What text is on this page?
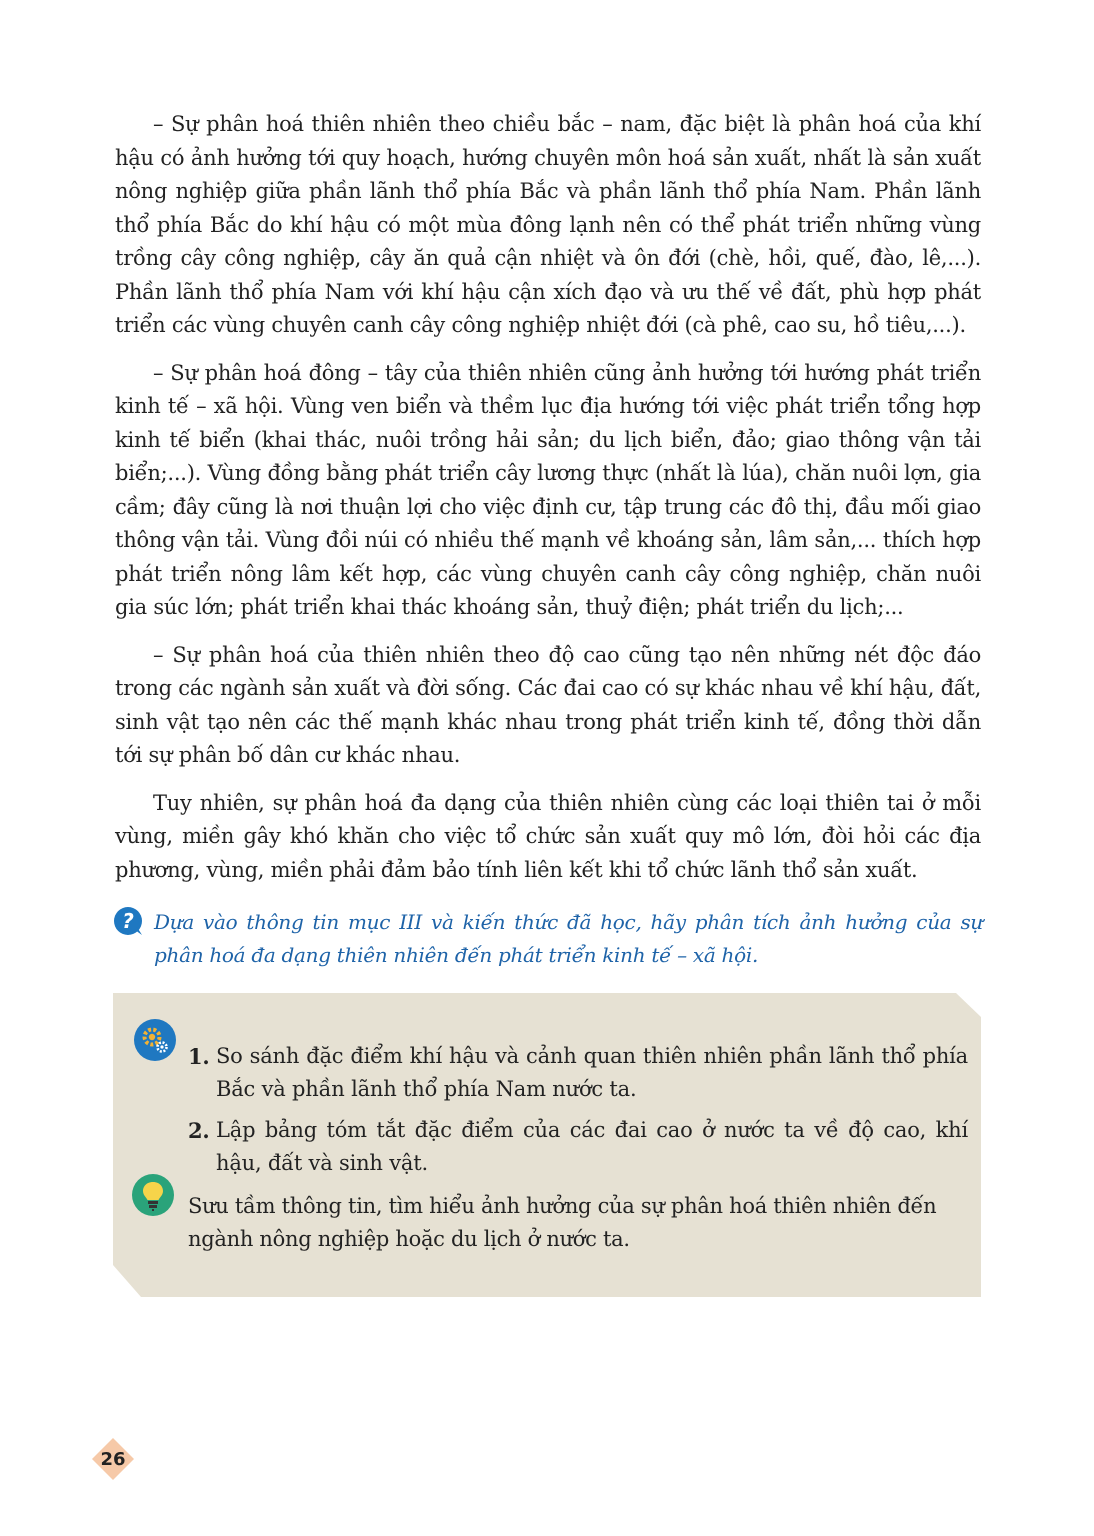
– Sự phân hoá thiên nhiên theo chiều bắc – nam, đặc biệt là phân hoá của khí hậu có ảnh hưởng tới quy hoạch, hướng chuyên môn hoá sản xuất, nhất là sản xuất nông nghiệp giữa phần lãnh thổ phía Bắc và phần lãnh thổ phía Nam. Phần lãnh thổ phía Bắc do khí hậu có một mùa đông lạnh nên có thể phát triển những vùng trồng cây công nghiệp, cây ăn quả cận nhiệt và ôn đới (chè, hồi, quế, đào, lê,...). Phần lãnh thổ phía Nam với khí hậu cận xích đạo và ưu thế về đất, phù hợp phát triển các vùng chuyên canh cây công nghiệp nhiệt đới (cà phê, cao su, hồ tiêu,...).

– Sự phân hoá đông – tây của thiên nhiên cũng ảnh hưởng tới hướng phát triển kinh tế – xã hội. Vùng ven biển và thềm lục địa hướng tới việc phát triển tổng hợp kinh tế biển (khai thác, nuôi trồng hải sản; du lịch biển, đảo; giao thông vận tải biển;...). Vùng đồng bằng phát triển cây lương thực (nhất là lúa), chăn nuôi lợn, gia cầm; đây cũng là nơi thuận lợi cho việc định cư, tập trung các đô thị, đầu mối giao thông vận tải. Vùng đồi núi có nhiều thế mạnh về khoáng sản, lâm sản,... thích hợp phát triển nông lâm kết hợp, các vùng chuyên canh cây công nghiệp, chăn nuôi gia súc lớn; phát triển khai thác khoáng sản, thuỷ điện; phát triển du lịch;...

– Sự phân hoá của thiên nhiên theo độ cao cũng tạo nên những nét độc đáo trong các ngành sản xuất và đời sống. Các đai cao có sự khác nhau về khí hậu, đất, sinh vật tạo nên các thế mạnh khác nhau trong phát triển kinh tế, đồng thời dẫn tới sự phân bố dân cư khác nhau.

Tuy nhiên, sự phân hoá đa dạng của thiên nhiên cùng các loại thiên tai ở mỗi vùng, miền gây khó khăn cho việc tổ chức sản xuất quy mô lớn, đòi hỏi các địa phương, vùng, miền phải đảm bảo tính liên kết khi tổ chức lãnh thổ sản xuất.

?	Dựa vào thông tin mục III và kiến thức đã học, hãy phân tích ảnh hưởng của sự phân hoá đa dạng thiên nhiên đến phát triển kinh tế – xã hội.
1. So sánh đặc điểm khí hậu và cảnh quan thiên nhiên phần lãnh thổ phía Bắc và phần lãnh thổ phía Nam nước ta.
2. Lập bảng tóm tắt đặc điểm của các đai cao ở nước ta về độ cao, khí hậu, đất và sinh vật.
Sưu tầm thông tin, tìm hiểu ảnh hưởng của sự phân hoá thiên nhiên đến ngành nông nghiệp hoặc du lịch ở nước ta.
26
